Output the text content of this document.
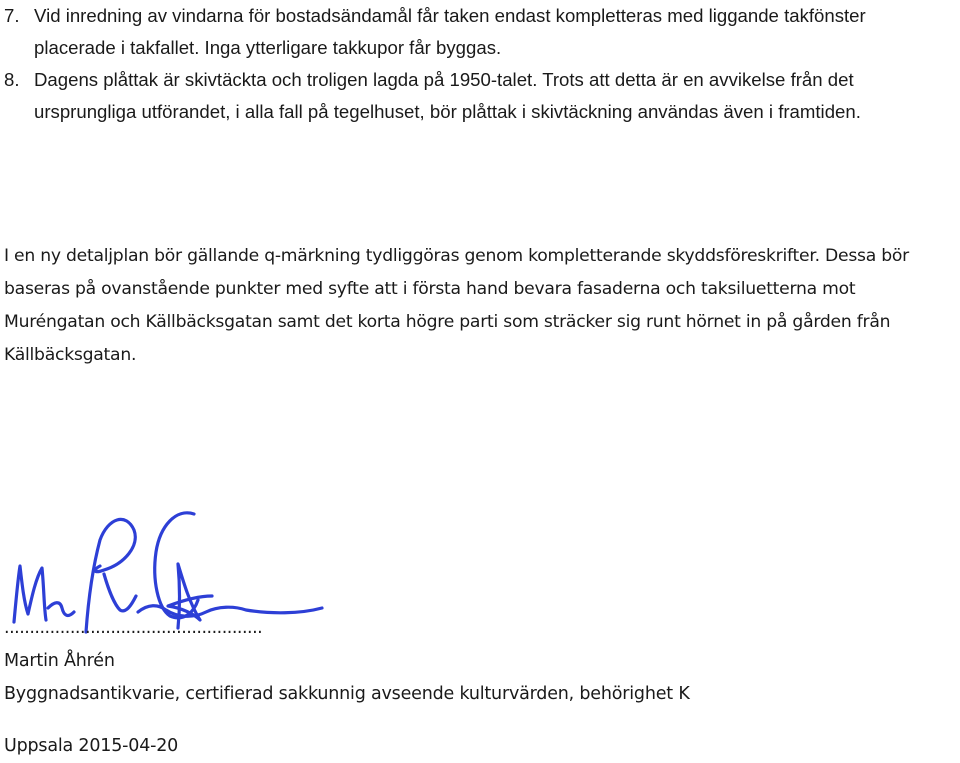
7. Vid inredning av vindarna för bostadsändamål får taken endast kompletteras med liggande takfönster placerade i takfallet. Inga ytterligare takkupor får byggas.
8. Dagens plåttak är skivtäckta och troligen lagda på 1950-talet. Trots att detta är en avvikelse från det ursprungliga utförandet, i alla fall på tegelhuset, bör plåttak i skivtäckning användas även i framtiden.

I en ny detaljplan bör gällande q-märkning tydliggöras genom kompletterande skyddsföreskrifter. Dessa bör baseras på ovanstående punkter med syfte att i första hand bevara fasaderna och taksiluetterna mot Muréngatan och Källbäcksgatan samt det korta högre parti som sträcker sig runt hörnet in på gården från Källbäcksgatan.

...................................................
Martin Åhrén
Byggnadsantikvarie, certifierad sakkunnig avseende kulturvärden, behörighet K
Uppsala 2015-04-20
